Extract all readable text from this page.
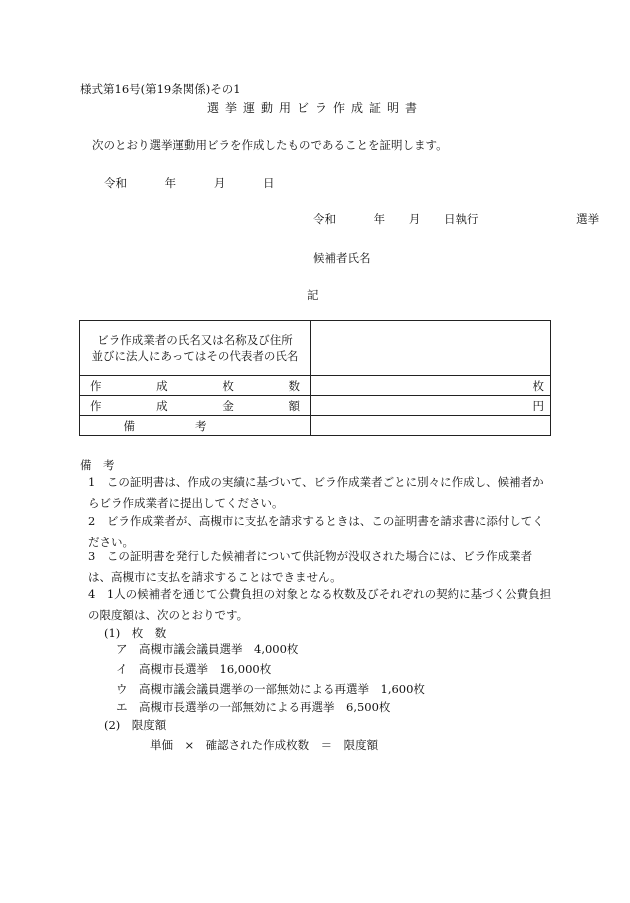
様式第16号(第19条関係)その1
選挙運動用ビラ作成証明書
次のとおり選挙運動用ビラを作成したものであることを証明します。
令和	年	月	日
令和	年 月 日執行	選挙
候補者氏名
記
ビラ作成業者の氏名又は名称及び住所
並びに法人にあってはその代表者の氏名	

作成枚数	枚
作成金額	円
備考	
備　考
1　この証明書は、作成の実績に基づいて、ビラ作成業者ごとに別々に作成し、候補者からビラ作成業者に提出してください。
2　ビラ作成業者が、高槻市に支払を請求するときは、この証明書を請求書に添付してください。
3　この証明書を発行した候補者について供託物が没収された場合には、ビラ作成業者は、高槻市に支払を請求することはできません。
4　1人の候補者を通じて公費負担の対象となる枚数及びそれぞれの契約に基づく公費負担の限度額は、次のとおりです。
(1)　枚　数
ア　高槻市議会議員選挙　4,000枚
イ　高槻市長選挙　16,000枚
ウ　高槻市議会議員選挙の一部無効による再選挙　1,600枚
エ　高槻市長選挙の一部無効による再選挙　6,500枚
(2)　限度額
単価　×　確認された作成枚数　＝　限度額
